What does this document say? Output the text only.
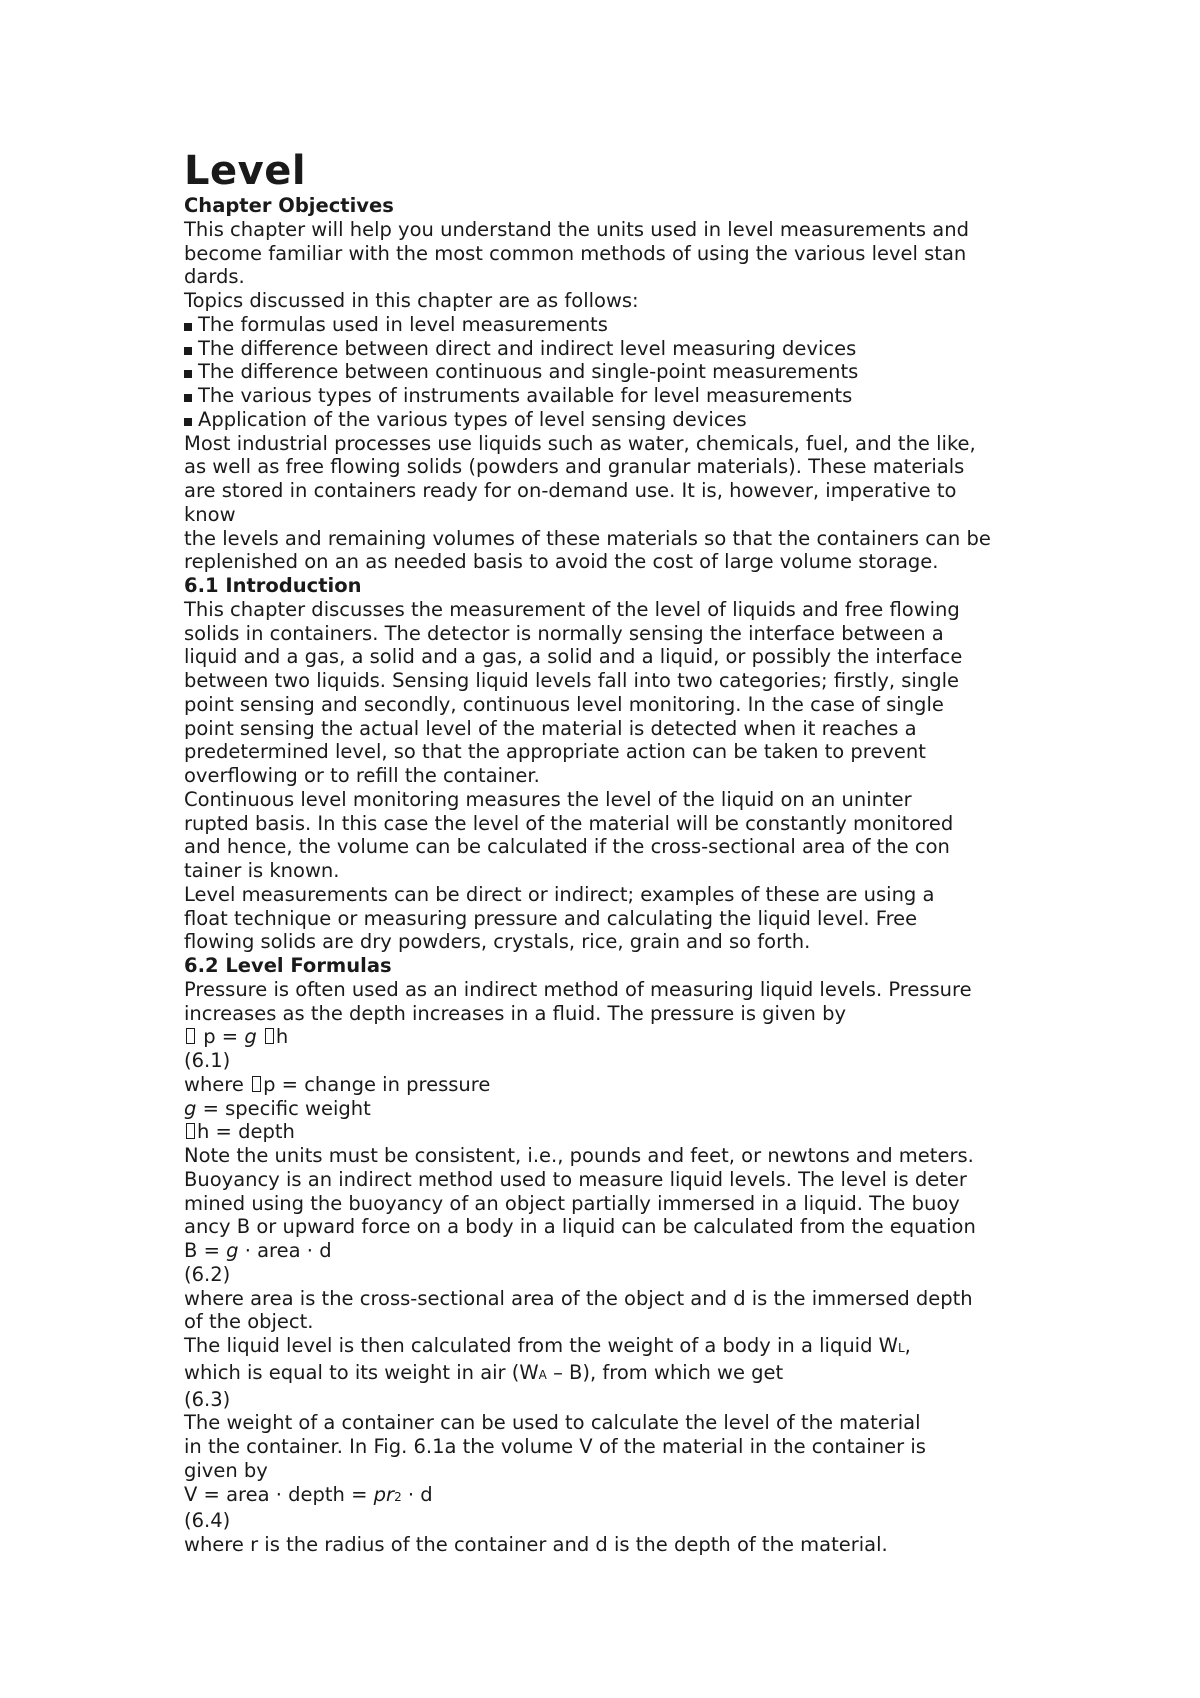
Level
Chapter Objectives
This chapter will help you understand the units used in level measurements and
become familiar with the most common methods of using the various level stan
dards.
Topics discussed in this chapter are as follows:
The formulas used in level measurements
The difference between direct and indirect level measuring devices
The difference between continuous and single-point measurements
The various types of instruments available for level measurements
Application of the various types of level sensing devices
Most industrial processes use liquids such as water, chemicals, fuel, and the like,
as well as free flowing solids (powders and granular materials). These materials
are stored in containers ready for on-demand use. It is, however, imperative to
know
the levels and remaining volumes of these materials so that the containers can be
replenished on an as needed basis to avoid the cost of large volume storage.
6.1 Introduction
This chapter discusses the measurement of the level of liquids and free flowing
solids in containers. The detector is normally sensing the interface between a
liquid and a gas, a solid and a gas, a solid and a liquid, or possibly the interface
between two liquids. Sensing liquid levels fall into two categories; firstly, single
point sensing and secondly, continuous level monitoring. In the case of single
point sensing the actual level of the material is detected when it reaches a
predetermined level, so that the appropriate action can be taken to prevent
overflowing or to refill the container.
Continuous level monitoring measures the level of the liquid on an uninter
rupted basis. In this case the level of the material will be constantly monitored
and hence, the volume can be calculated if the cross-sectional area of the con
tainer is known.
Level measurements can be direct or indirect; examples of these are using a
float technique or measuring pressure and calculating the liquid level. Free
flowing solids are dry powders, crystals, rice, grain and so forth.
6.2 Level Formulas
Pressure is often used as an indirect method of measuring liquid levels. Pressure
increases as the depth increases in a fluid. The pressure is given by
p = g h
(6.1)
where p = change in pressure
g = specific weight
h = depth
Note the units must be consistent, i.e., pounds and feet, or newtons and meters.
Buoyancy is an indirect method used to measure liquid levels. The level is deter
mined using the buoyancy of an object partially immersed in a liquid. The buoy
ancy B or upward force on a body in a liquid can be calculated from the equation
B = g · area · d
(6.2)
where area is the cross-sectional area of the object and d is the immersed depth
of the object.
The liquid level is then calculated from the weight of a body in a liquid WL,
which is equal to its weight in air (WA – B), from which we get
(6.3)
The weight of a container can be used to calculate the level of the material
in the container. In Fig. 6.1a the volume V of the material in the container is
given by
V = area · depth = pr2 · d
(6.4)
where r is the radius of the container and d is the depth of the material.
